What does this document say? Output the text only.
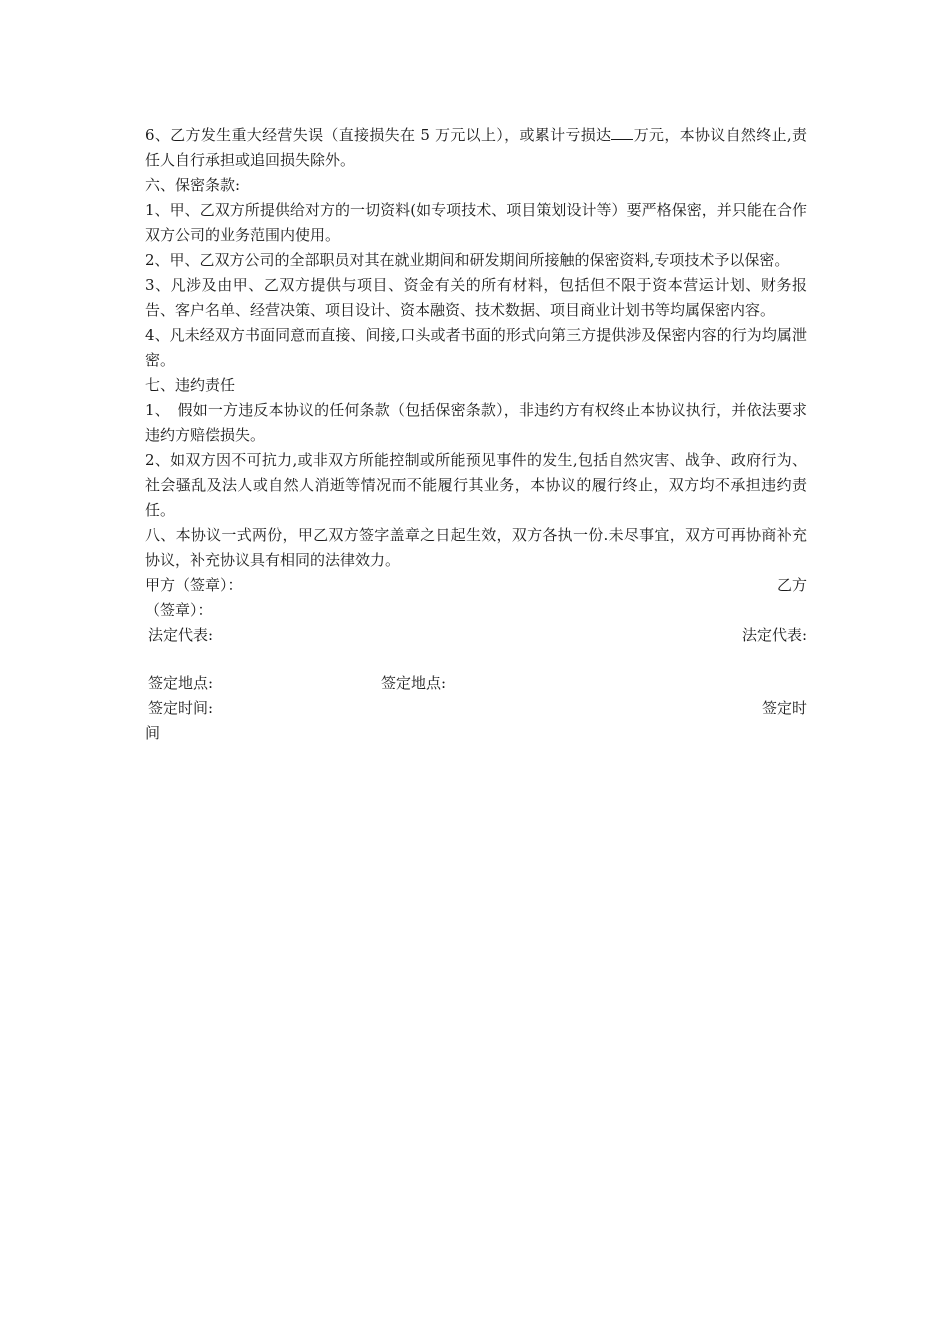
6、乙方发生重大经营失误（直接损失在 5 万元以上），或累计亏损达 万元，本协议自然终止,责任人自行承担或追回损失除外。

六、保密条款:

1、甲、乙双方所提供给对方的一切资料(如专项技术、项目策划设计等）要严格保密，并只能在合作双方公司的业务范围内使用。

2、甲、乙双方公司的全部职员对其在就业期间和研发期间所接触的保密资料,专项技术予以保密。

3、凡涉及由甲、乙双方提供与项目、资金有关的所有材料，包括但不限于资本营运计划、财务报告、客户名单、经营决策、项目设计、资本融资、技术数据、项目商业计划书等均属保密内容。

4、凡未经双方书面同意而直接、间接,口头或者书面的形式向第三方提供涉及保密内容的行为均属泄密。

七、违约责任

1、　假如一方违反本协议的任何条款（包括保密条款），非违约方有权终止本协议执行，并依法要求违约方赔偿损失。

2、如双方因不可抗力,或非双方所能控制或所能预见事件的发生,包括自然灾害、战争、政府行为、社会骚乱及法人或自然人消逝等情况而不能履行其业务，本协议的履行终止，双方均不承担违约责任。

八、本协议一式两份，甲乙双方签字盖章之日起生效，双方各执一份.未尽事宜，双方可再协商补充协议，补充协议具有相同的法律效力。

甲方（签章）：	乙方
（签章）：
法定代表:	法定代表:
签定地点:	签定地点:
签定时间:	签定时
间
